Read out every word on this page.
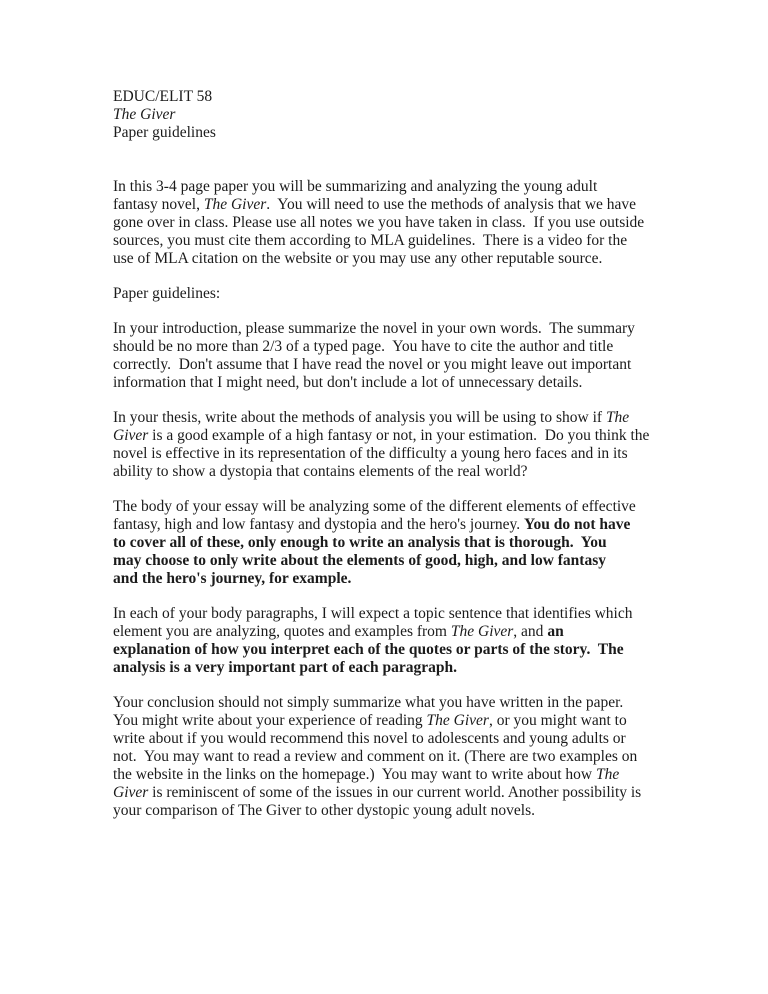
EDUC/ELIT 58
The Giver
Paper guidelines

In this 3-4 page paper you will be summarizing and analyzing the young adult
fantasy novel, The Giver.  You will need to use the methods of analysis that we have
gone over in class. Please use all notes we you have taken in class.  If you use outside
sources, you must cite them according to MLA guidelines.  There is a video for the
use of MLA citation on the website or you may use any other reputable source.

Paper guidelines:

In your introduction, please summarize the novel in your own words.  The summary
should be no more than 2/3 of a typed page.  You have to cite the author and title
correctly.  Don't assume that I have read the novel or you might leave out important
information that I might need, but don't include a lot of unnecessary details.

In your thesis, write about the methods of analysis you will be using to show if The
Giver is a good example of a high fantasy or not, in your estimation.  Do you think the
novel is effective in its representation of the difficulty a young hero faces and in its
ability to show a dystopia that contains elements of the real world?

The body of your essay will be analyzing some of the different elements of effective
fantasy, high and low fantasy and dystopia and the hero's journey. You do not have
to cover all of these, only enough to write an analysis that is thorough.  You
may choose to only write about the elements of good, high, and low fantasy
and the hero's journey, for example.

In each of your body paragraphs, I will expect a topic sentence that identifies which
element you are analyzing, quotes and examples from The Giver, and an
explanation of how you interpret each of the quotes or parts of the story.  The
analysis is a very important part of each paragraph.

Your conclusion should not simply summarize what you have written in the paper.
You might write about your experience of reading The Giver, or you might want to
write about if you would recommend this novel to adolescents and young adults or
not.  You may want to read a review and comment on it. (There are two examples on
the website in the links on the homepage.)  You may want to write about how The
Giver is reminiscent of some of the issues in our current world. Another possibility is
your comparison of The Giver to other dystopic young adult novels.
